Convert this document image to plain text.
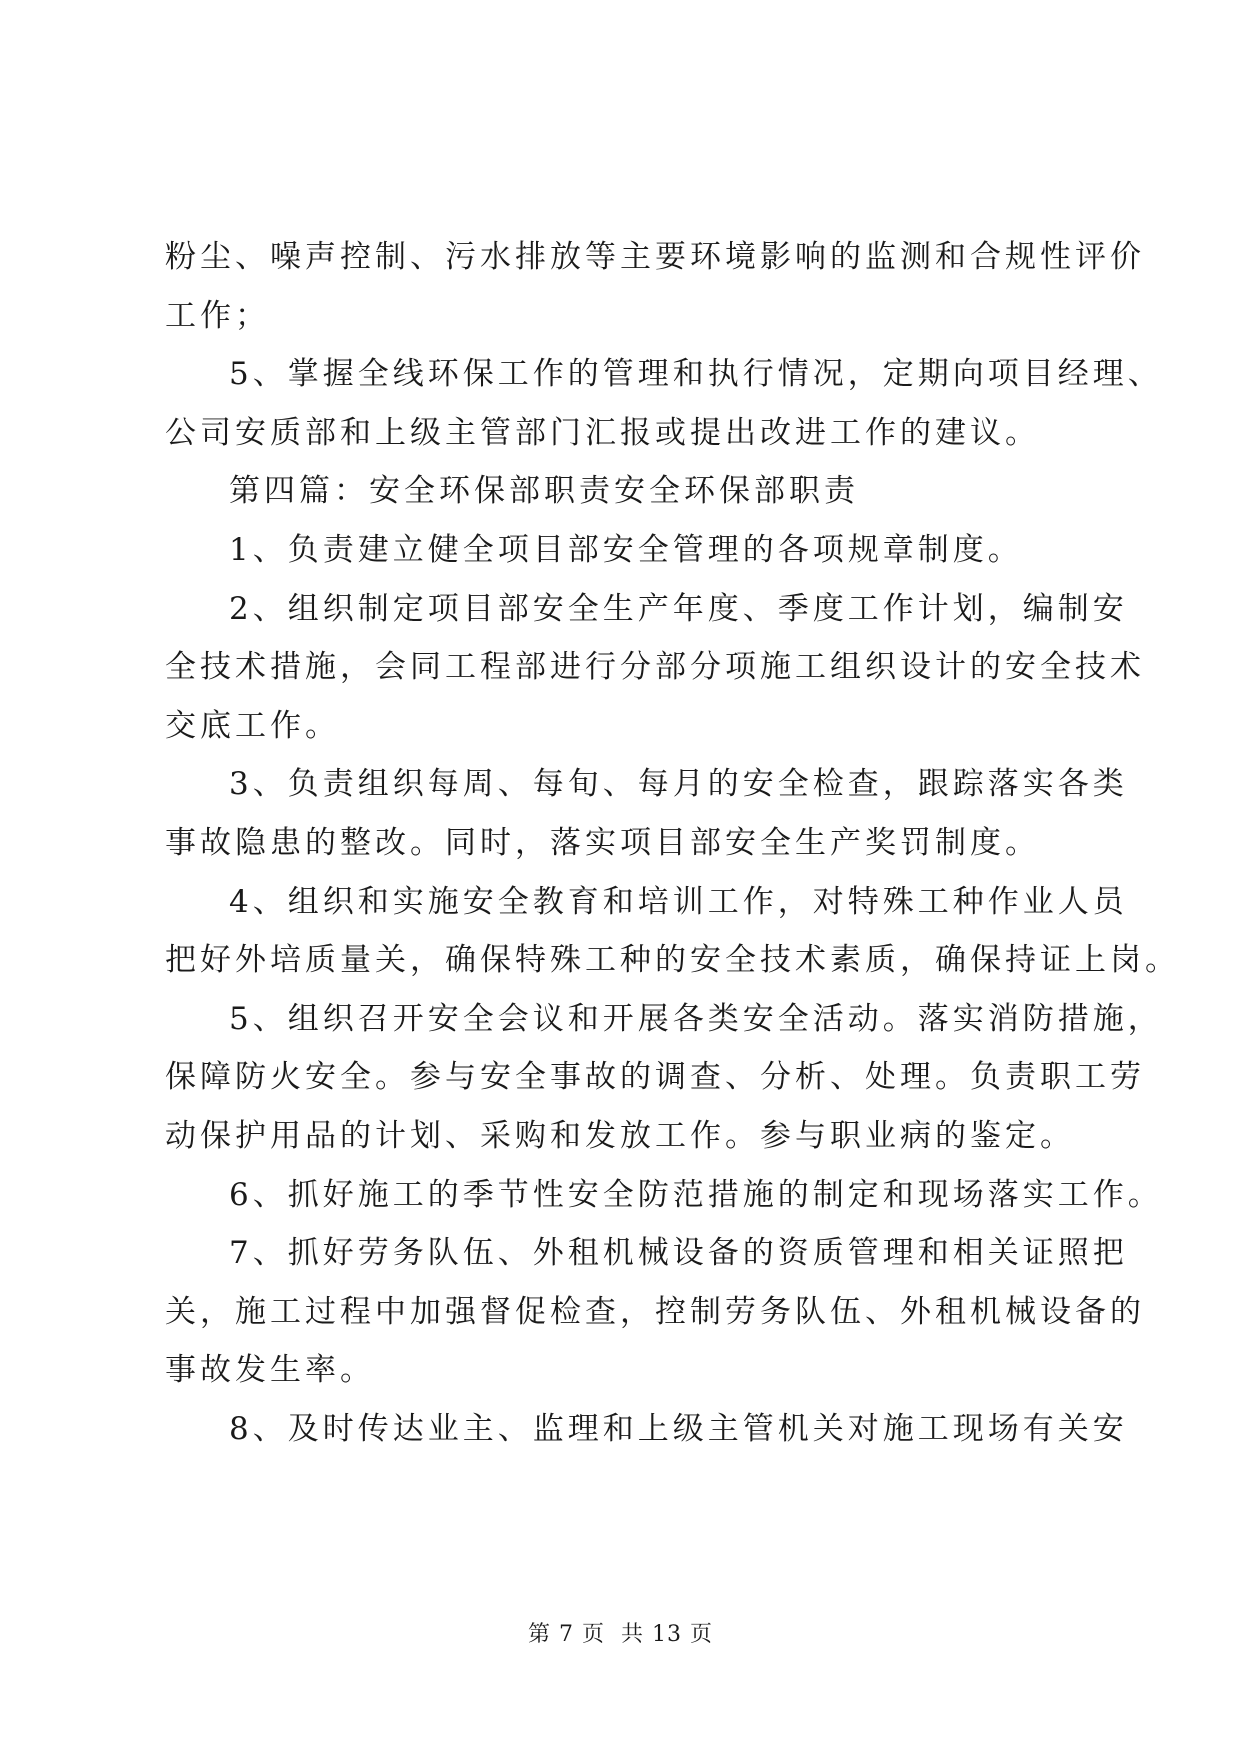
粉尘、噪声控制、污水排放等主要环境影响的监测和合规性评价
工作；
5、掌握全线环保工作的管理和执行情况，定期向项目经理、
公司安质部和上级主管部门汇报或提出改进工作的建议。
第四篇：安全环保部职责安全环保部职责
1、负责建立健全项目部安全管理的各项规章制度。
2、组织制定项目部安全生产年度、季度工作计划，编制安
全技术措施，会同工程部进行分部分项施工组织设计的安全技术
交底工作。
3、负责组织每周、每旬、每月的安全检查，跟踪落实各类
事故隐患的整改。同时，落实项目部安全生产奖罚制度。
4、组织和实施安全教育和培训工作，对特殊工种作业人员
把好外培质量关，确保特殊工种的安全技术素质，确保持证上岗。
5、组织召开安全会议和开展各类安全活动。落实消防措施，
保障防火安全。参与安全事故的调查、分析、处理。负责职工劳
动保护用品的计划、采购和发放工作。参与职业病的鉴定。
6、抓好施工的季节性安全防范措施的制定和现场落实工作。
7、抓好劳务队伍、外租机械设备的资质管理和相关证照把
关，施工过程中加强督促检查，控制劳务队伍、外租机械设备的
事故发生率。
8、及时传达业主、监理和上级主管机关对施工现场有关安
第 7 页  共 13 页
